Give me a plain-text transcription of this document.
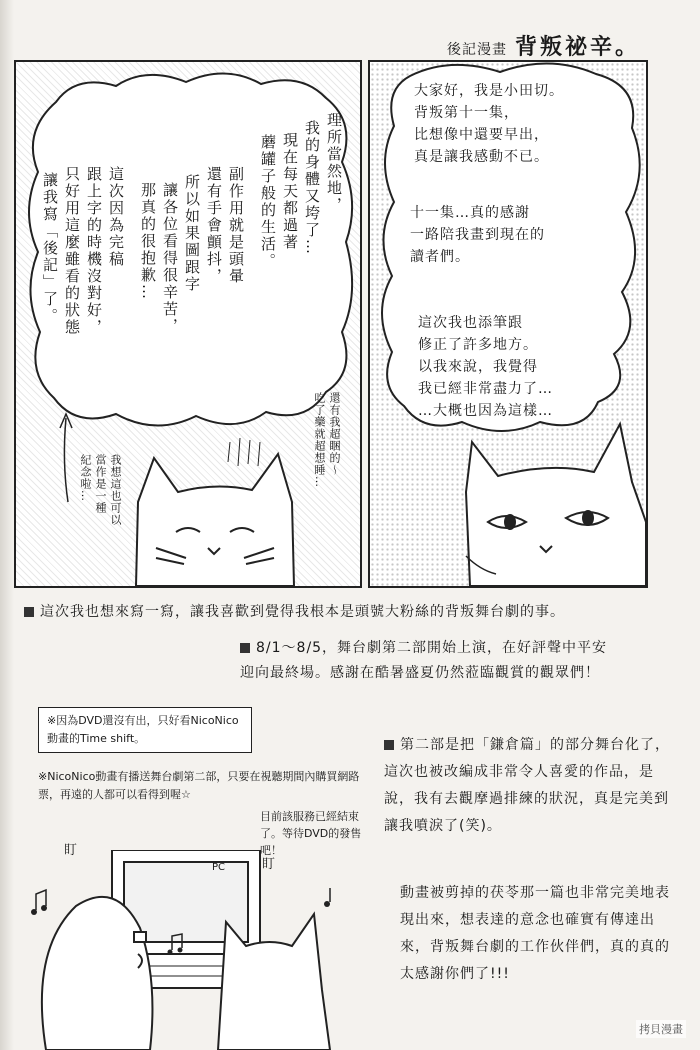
後記漫畫 背叛祕辛。
理所當然地，
我的身體又垮了…
現在每天都過著
蘑罐子般的生活。
副作用就是頭暈
還有手會顫抖，
所以如果圖跟字
讓各位看得很辛苦，
那真的很抱歉…
這次因為完稿
跟上字的時機沒對好，
只好用這麼雖看的狀態
讓我寫「後記」了。
還有我超睏的～
吃了藥就超想睡…
我想這也可以
當作是一種
紀念啦…
大家好，我是小田切。
背叛第十一集，
比想像中還要早出，
真是讓我感動不已。
十一集…真的感謝
一路陪我畫到現在的
讀者們。
這次我也添筆跟
修正了許多地方。
以我來說，我覺得
我已經非常盡力了…
…大概也因為這樣…
這次我也想來寫一寫，讓我喜歡到覺得我根本是頭號大粉絲的背叛舞台劇的事。
8/1～8/5，舞台劇第二部開始上演，在好評聲中平安迎向最終場。感謝在酷暑盛夏仍然蒞臨觀賞的觀眾們！
※因為DVD還沒有出，只好看NicoNico動畫的Time shift。
※NicoNico動畫有播送舞台劇第二部，只要在視聽期間內購買網路票，再遠的人都可以看得到喔☆
目前該服務已經結束了。等待DVD的發售吧！
PC
盯
盯
第二部是把「鎌倉篇」的部分舞台化了，這次也被改編成非常令人喜愛的作品，是說，我有去觀摩過排練的狀況，真是完美到讓我噴淚了(笑)。
動畫被剪掉的茯苓那一篇也非常完美地表現出來，想表達的意念也確實有傳達出來，背叛舞台劇的工作伙伴們，真的真的太感謝你們了!!!
拷貝漫畫
